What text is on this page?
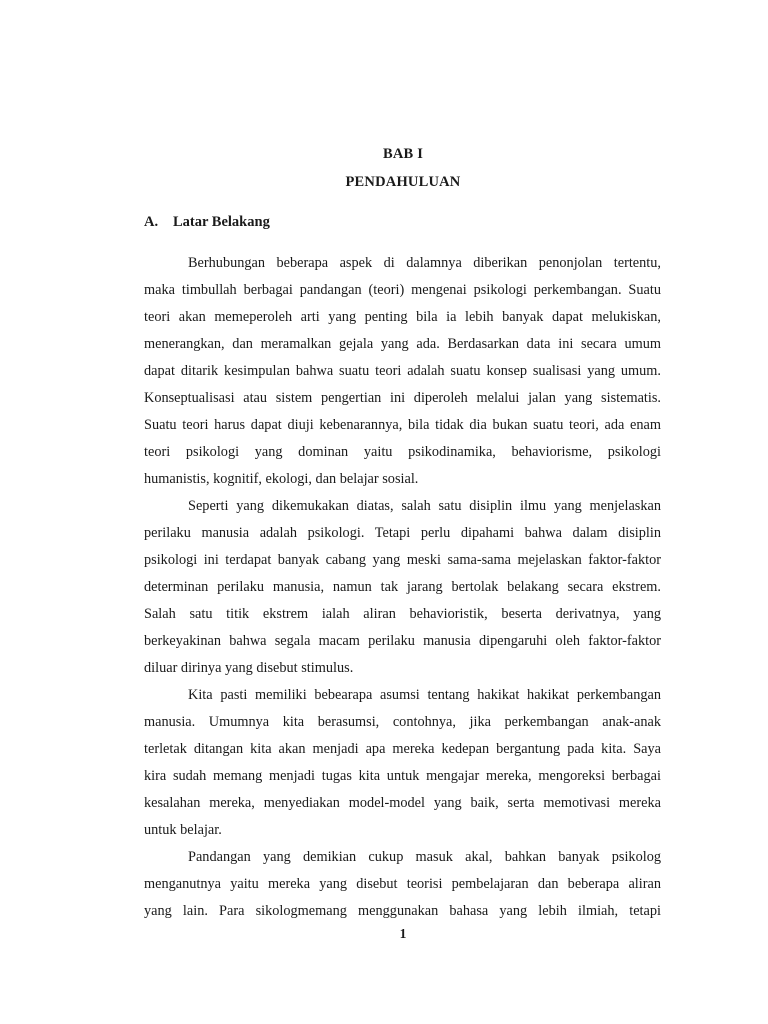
BAB I
PENDAHULUAN
A. Latar Belakang
Berhubungan beberapa aspek di dalamnya diberikan penonjolan tertentu,
maka timbullah berbagai pandangan (teori) mengenai psikologi perkembangan. Suatu
teori akan memeperoleh arti yang penting bila ia lebih banyak dapat melukiskan,
menerangkan, dan meramalkan gejala yang ada. Berdasarkan data ini secara umum
dapat ditarik kesimpulan bahwa suatu teori adalah suatu konsep sualisasi yang umum.
Konseptualisasi atau sistem pengertian ini diperoleh melalui jalan yang sistematis.
Suatu teori harus dapat diuji kebenarannya, bila tidak dia bukan suatu teori, ada enam
teori psikologi yang dominan yaitu psikodinamika, behaviorisme, psikologi
humanistis, kognitif, ekologi, dan belajar sosial.
Seperti yang dikemukakan diatas, salah satu disiplin ilmu yang menjelaskan
perilaku manusia adalah psikologi. Tetapi perlu dipahami bahwa dalam disiplin
psikologi ini terdapat banyak cabang yang meski sama-sama mejelaskan faktor-faktor
determinan perilaku manusia, namun tak jarang bertolak belakang secara ekstrem.
Salah satu titik ekstrem ialah aliran behavioristik, beserta derivatnya, yang
berkeyakinan bahwa segala macam perilaku manusia dipengaruhi oleh faktor-faktor
diluar dirinya yang disebut stimulus.
Kita pasti memiliki bebearapa asumsi tentang hakikat hakikat perkembangan
manusia. Umumnya kita berasumsi, contohnya, jika perkembangan anak-anak
terletak ditangan kita akan menjadi apa mereka kedepan bergantung pada kita. Saya
kira sudah memang menjadi tugas kita untuk mengajar mereka, mengoreksi berbagai
kesalahan mereka, menyediakan model-model yang baik, serta memotivasi mereka
untuk belajar.
Pandangan yang demikian cukup masuk akal, bahkan banyak psikolog
menganutnya yaitu mereka yang disebut teorisi pembelajaran dan beberapa aliran
yang lain. Para sikologmemang menggunakan bahasa yang lebih ilmiah, tetapi
1
